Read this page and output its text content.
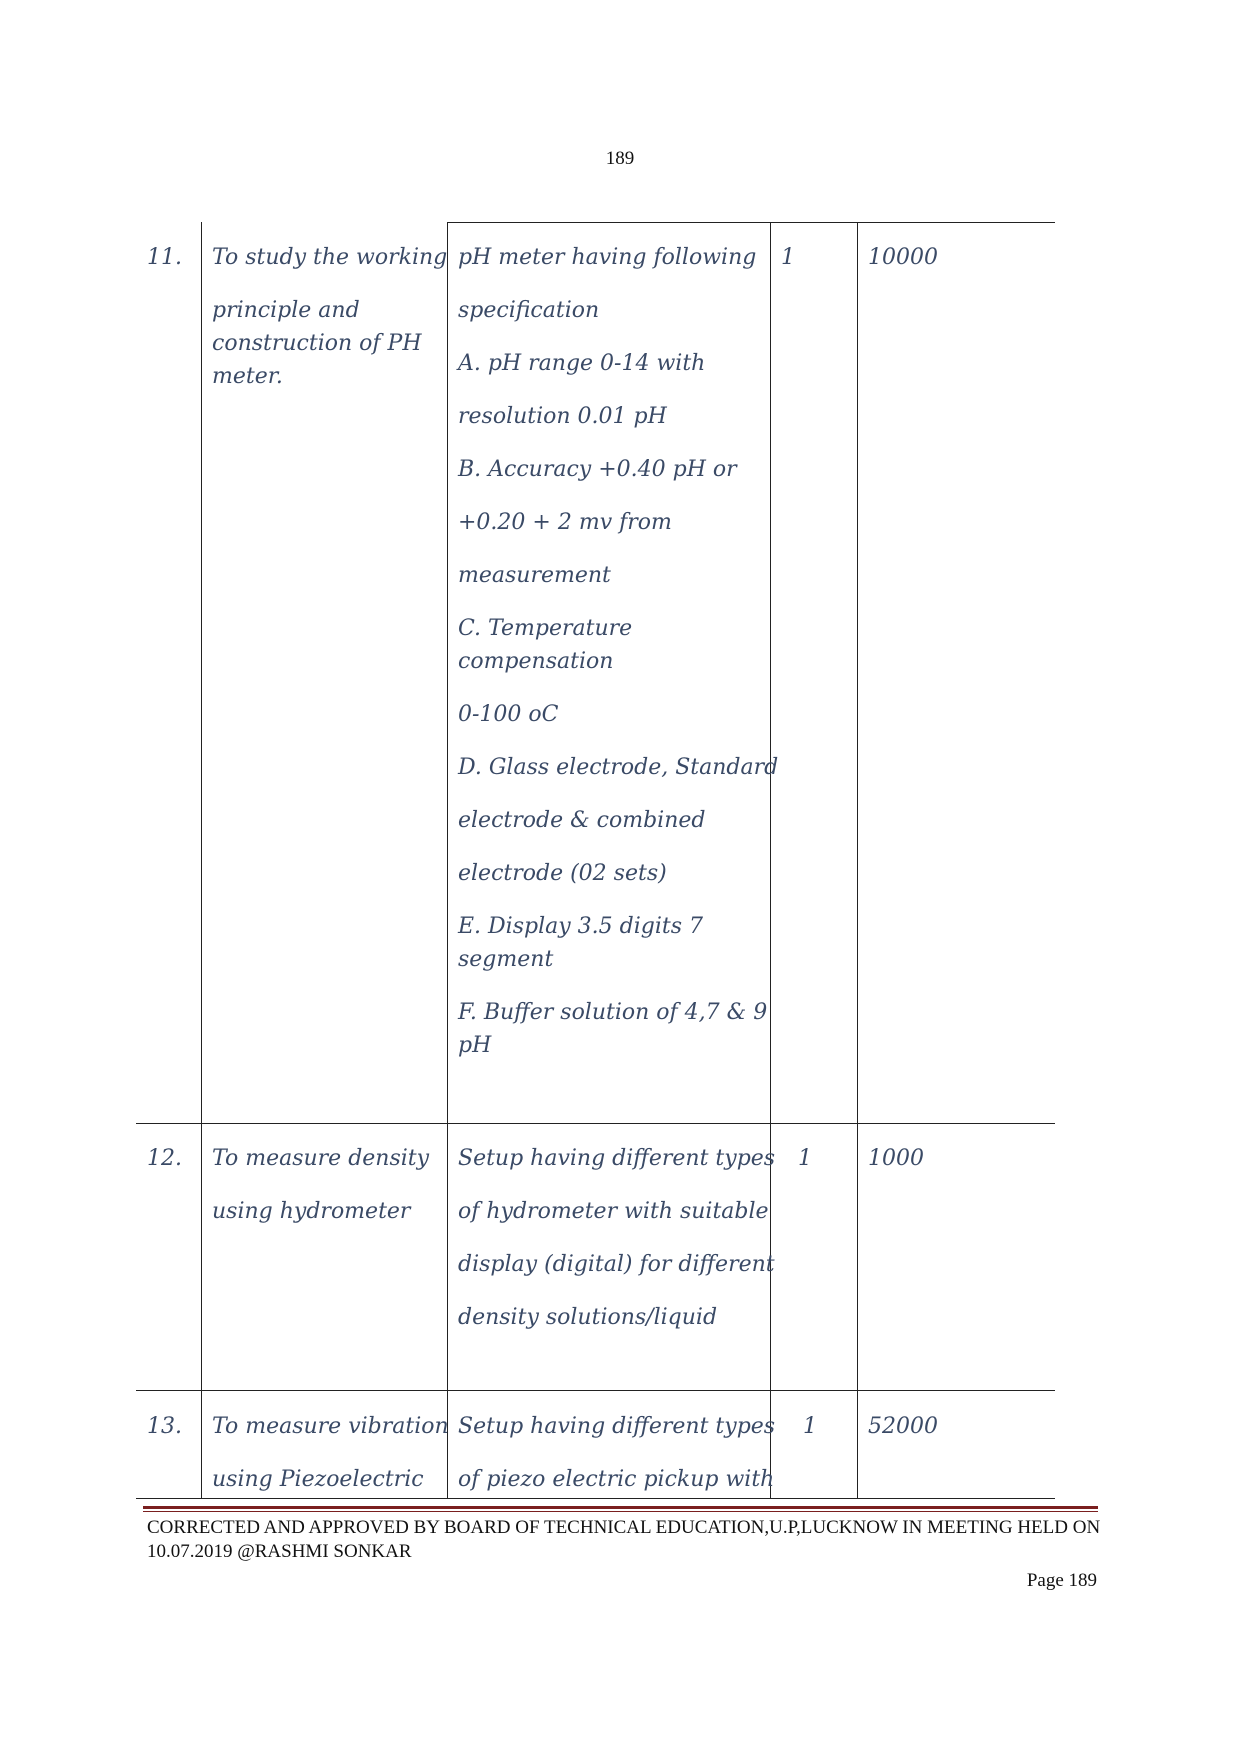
189
11. To study the working
principle and
construction of PH
meter.
pH meter having following
specification
A. pH range 0-14 with
resolution 0.01 pH
B. Accuracy +0.40 pH or
+0.20 + 2 mv from
measurement
C. Temperature
compensation
0-100 oC
D. Glass electrode, Standard
electrode & combined
electrode (02 sets)
E. Display 3.5 digits 7
segment
F. Buffer solution of 4,7 & 9
pH
1	10000
12. To measure density
using hydrometer
Setup having different types
of hydrometer with suitable
display (digital) for different
density solutions/liquid
1	1000
13. To measure vibration
using Piezoelectric
Setup having different types
of piezo electric pickup with
1 52000
CORRECTED AND APPROVED BY BOARD OF TECHNICAL EDUCATION,U.P,LUCKNOW IN MEETING HELD ON
10.07.2019 @RASHMI SONKAR
Page 189
